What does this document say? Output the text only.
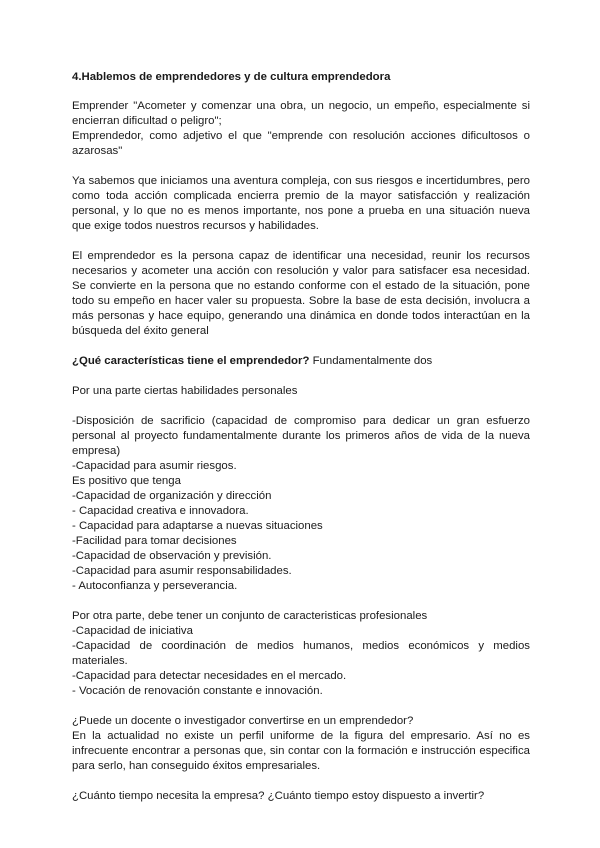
4.Hablemos de emprendedores y de cultura emprendedora
Emprender "Acometer y comenzar una obra, un negocio, un empeño, especialmente si encierran dificultad o peligro";
Emprendedor, como adjetivo el que "emprende con resolución acciones dificultosos o azarosas"
Ya sabemos que iniciamos una aventura compleja, con sus riesgos e incertidumbres, pero como toda acción complicada encierra premio de la mayor satisfacción y realización personal, y lo que no es menos importante, nos pone a prueba en una situación nueva que exige todos nuestros recursos y habilidades.
El emprendedor es la persona capaz de identificar una necesidad, reunir los recursos necesarios y acometer una acción con resolución y valor para satisfacer esa necesidad. Se convierte en la persona que no estando conforme con el estado de la situación, pone todo su empeño en hacer valer su propuesta. Sobre la base de esta decisión, involucra a más personas y hace equipo, generando una dinámica en donde todos interactúan en la búsqueda del éxito general
¿Qué características tiene el emprendedor? Fundamentalmente dos
Por una parte ciertas habilidades personales
-Disposición de sacrificio (capacidad de compromiso para dedicar un gran esfuerzo personal al proyecto fundamentalmente durante los primeros años de vida de la nueva empresa)
-Capacidad para asumir riesgos.
Es positivo que tenga
-Capacidad de organización y dirección
- Capacidad creativa e innovadora.
- Capacidad para adaptarse a nuevas situaciones
-Facilidad para tomar decisiones
-Capacidad de observación y previsión.
-Capacidad para asumir responsabilidades.
- Autoconfianza y perseverancia.
Por otra parte, debe tener un conjunto de caracteristicas profesionales
-Capacidad de iniciativa
-Capacidad de coordinación de medios humanos, medios económicos y medios materiales.
-Capacidad para detectar necesidades en el mercado.
- Vocación de renovación constante e innovación.
¿Puede un docente o investigador convertirse en un emprendedor?
En la actualidad no existe un perfil uniforme de la figura del empresario. Así no es infrecuente encontrar a personas que, sin contar con la formación e instrucción especifica para serlo, han conseguido éxitos empresariales.
¿Cuánto tiempo necesita la empresa? ¿Cuánto tiempo estoy dispuesto a invertir?
